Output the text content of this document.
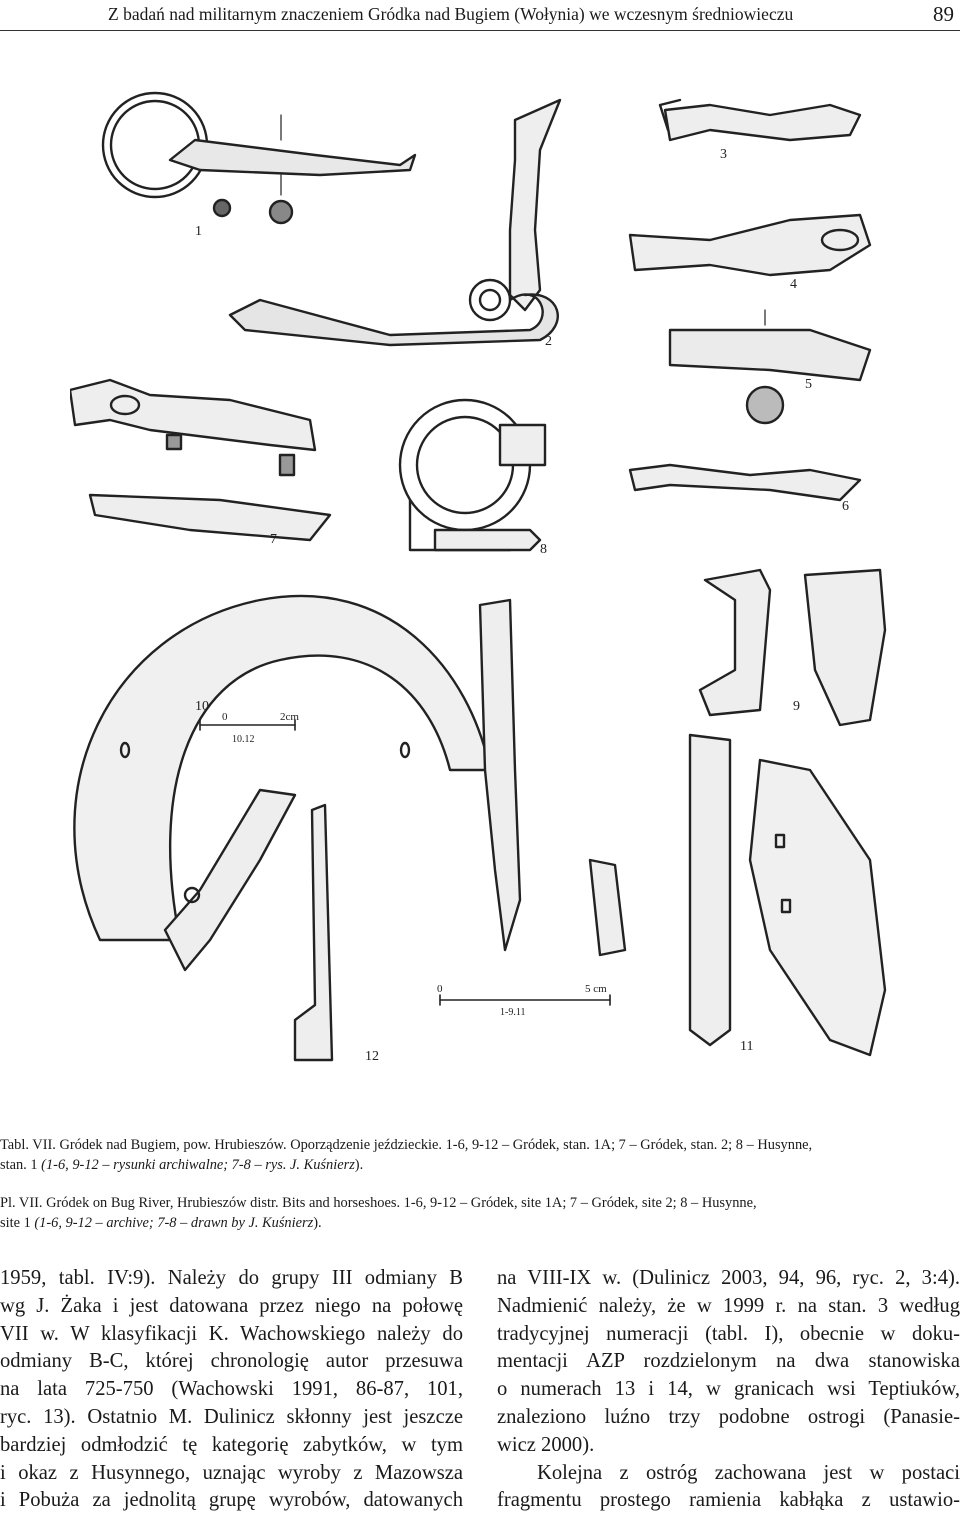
Z badań nad militarnym znaczeniem Gródka nad Bugiem (Wołynia) we wczesnym średniowieczu	89
1
2
3
4
5
6
7
8
9
10
11
12
0	2cm
10.12
0	5 cm
1-9.11
Tabl. VII. Gródek nad Bugiem, pow. Hrubieszów. Oporządzenie jeździeckie. 1-6, 9-12 – Gródek, stan. 1A; 7 – Gródek, stan. 2; 8 – Husynne,
stan. 1 (1-6, 9-12 – rysunki archiwalne; 7-8 – rys. J. Kuśnierz).
Pl. VII. Gródek on Bug River, Hrubieszów distr. Bits and horseshoes. 1-6, 9-12 – Gródek, site 1A; 7 – Gródek, site 2; 8 – Husynne,
site 1 (1-6, 9-12 – archive; 7-8 – drawn by J. Kuśnierz).
1959, tabl. IV:9). Należy do grupy III odmiany B
wg J. Żaka i jest datowana przez niego na połowę
VII w. W klasyfikacji K. Wachowskiego należy do
odmiany B-C, której chronologię autor przesuwa
na lata 725-750 (Wachowski 1991, 86-87, 101,
ryc. 13). Ostatnio M. Dulinicz skłonny jest jeszcze
bardziej odmłodzić tę kategorię zabytków, w tym
i okaz z Husynnego, uznając wyroby z Mazowsza
i Pobuża za jednolitą grupę wyrobów, datowanych
na VIII-IX w. (Dulinicz 2003, 94, 96, ryc. 2, 3:4).
Nadmienić należy, że w 1999 r. na stan. 3 według
tradycyjnej numeracji (tabl. I), obecnie w doku-
mentacji AZP rozdzielonym na dwa stanowiska
o numerach 13 i 14, w granicach wsi Teptiuków,
znaleziono luźno trzy podobne ostrogi (Panasie-
wicz 2000).
Kolejna z ostróg zachowana jest w postaci
fragmentu prostego ramienia kabłąka z ustawio-
